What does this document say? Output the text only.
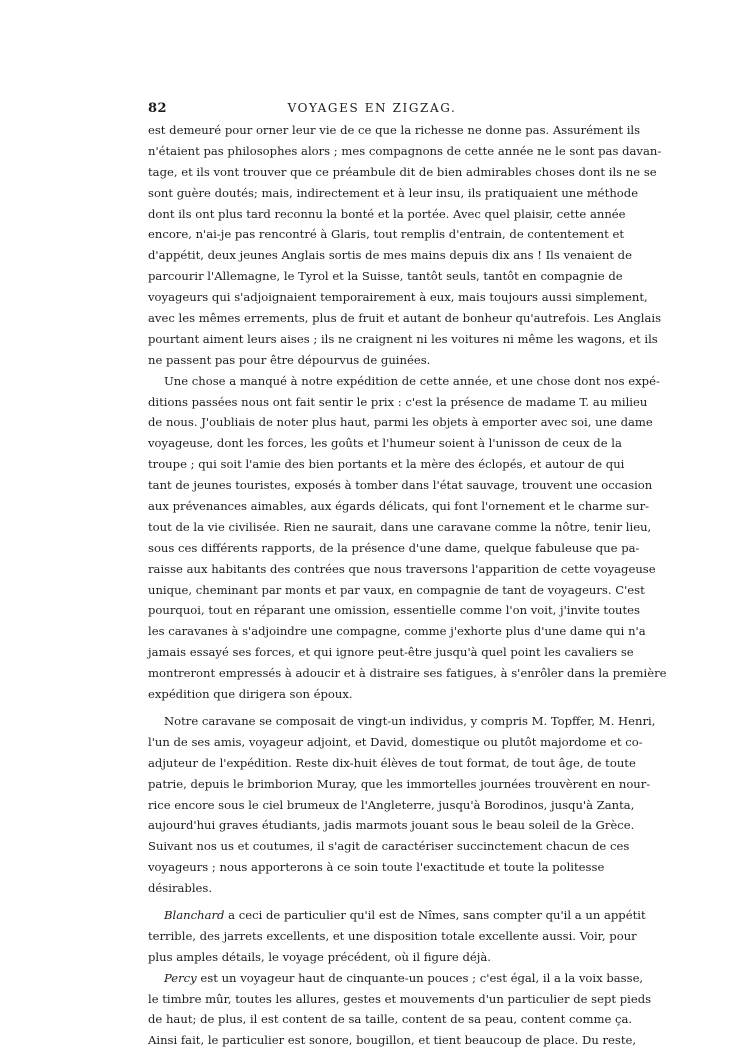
82	VOYAGES EN ZIGZAG.
est demeuré pour orner leur vie de ce que la richesse ne donne pas. Assurément ils
n'étaient pas philosophes alors ; mes compagnons de cette année ne le sont pas davan-
tage, et ils vont trouver que ce préambule dit de bien admirables choses dont ils ne se
sont guère doutés; mais, indirectement et à leur insu, ils pratiquaient une méthode
dont ils ont plus tard reconnu la bonté et la portée. Avec quel plaisir, cette année
encore, n'ai-je pas rencontré à Glaris, tout remplis d'entrain, de contentement et
d'appétit, deux jeunes Anglais sortis de mes mains depuis dix ans ! Ils venaient de
parcourir l'Allemagne, le Tyrol et la Suisse, tantôt seuls, tantôt en compagnie de
voyageurs qui s'adjoignaient temporairement à eux, mais toujours aussi simplement,
avec les mêmes errements, plus de fruit et autant de bonheur qu'autrefois. Les Anglais
pourtant aiment leurs aises ; ils ne craignent ni les voitures ni même les wagons, et ils
ne passent pas pour être dépourvus de guinées.
Une chose a manqué à notre expédition de cette année, et une chose dont nos expé-
ditions passées nous ont fait sentir le prix : c'est la présence de madame T. au milieu
de nous. J'oubliais de noter plus haut, parmi les objets à emporter avec soi, une dame
voyageuse, dont les forces, les goûts et l'humeur soient à l'unisson de ceux de la
troupe ; qui soit l'amie des bien portants et la mère des éclopés, et autour de qui
tant de jeunes touristes, exposés à tomber dans l'état sauvage, trouvent une occasion
aux prévenances aimables, aux égards délicats, qui font l'ornement et le charme sur-
tout de la vie civilisée. Rien ne saurait, dans une caravane comme la nôtre, tenir lieu,
sous ces différents rapports, de la présence d'une dame, quelque fabuleuse que pa-
raisse aux habitants des contrées que nous traversons l'apparition de cette voyageuse
unique, cheminant par monts et par vaux, en compagnie de tant de voyageurs. C'est
pourquoi, tout en réparant une omission, essentielle comme l'on voit, j'invite toutes
les caravanes à s'adjoindre une compagne, comme j'exhorte plus d'une dame qui n'a
jamais essayé ses forces, et qui ignore peut-être jusqu'à quel point les cavaliers se
montreront empressés à adoucir et à distraire ses fatigues, à s'enrôler dans la première
expédition que dirigera son époux.
Notre caravane se composait de vingt-un individus, y compris M. Topffer, M. Henri,
l'un de ses amis, voyageur adjoint, et David, domestique ou plutôt majordome et co-
adjuteur de l'expédition. Reste dix-huit élèves de tout format, de tout âge, de toute
patrie, depuis le brimborion Muray, que les immortelles journées trouvèrent en nour-
rice encore sous le ciel brumeux de l'Angleterre, jusqu'à Borodinos, jusqu'à Zanta,
aujourd'hui graves étudiants, jadis marmots jouant sous le beau soleil de la Grèce.
Suivant nos us et coutumes, il s'agit de caractériser succinctement chacun de ces
voyageurs ; nous apporterons à ce soin toute l'exactitude et toute la politesse
désirables.
Blanchard a ceci de particulier qu'il est de Nîmes, sans compter qu'il a un appétit
terrible, des jarrets excellents, et une disposition totale excellente aussi. Voir, pour
plus amples détails, le voyage précédent, où il figure déjà.
Percy est un voyageur haut de cinquante-un pouces ; c'est égal, il a la voix basse,
le timbre mûr, toutes les allures, gestes et mouvements d'un particulier de sept pieds
de haut; de plus, il est content de sa taille, content de sa peau, content comme ça.
Ainsi fait, le particulier est sonore, bougillon, et tient beaucoup de place. Du reste,
